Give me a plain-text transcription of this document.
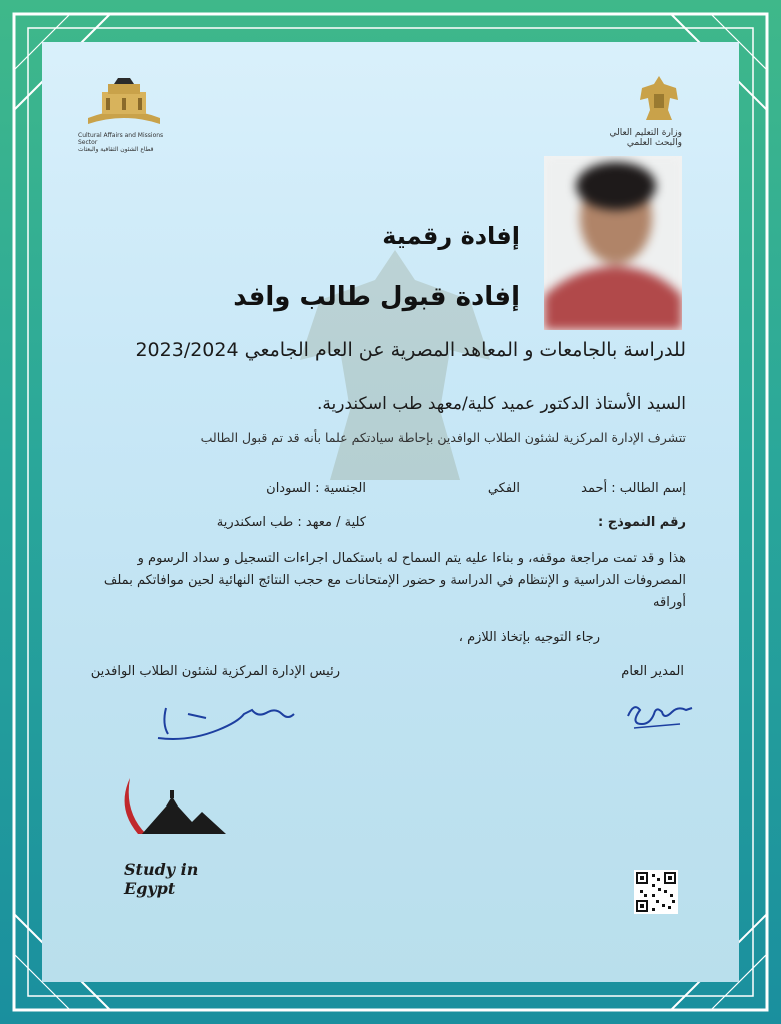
Cultural Affairs and Missions Sector
قطاع الشئون الثقافية والبعثات
وزارة التعليم العالي والبحث العلمي
إفادة رقمية
إفادة قبول طالب وافد
للدراسة بالجامعات و المعاهد المصرية عن العام الجامعي 2023/2024
السيد الأستاذ الدكتور عميد كلية/معهد طب اسكندرية.
تتشرف الإدارة المركزية لشئون الطلاب الوافدين بإحاطة سيادتكم علما بأنه قد تم قبول الطالب
إسم الطالب : أحمد
الفكي
الجنسية : السودان
رقم النموذج :
كلية / معهد : طب اسكندرية
هذا و قد تمت مراجعة موقفه، و بناءا عليه يتم السماح له باستكمال اجراءات التسجيل و سداد الرسوم و
المصروفات الدراسية و الإنتظام في الدراسة و حضور الإمتحانات مع حجب النتائج النهائية لحين موافاتكم بملف
أوراقه
رجاء التوجيه بإتخاذ اللازم ،
المدير العام
رئيس الإدارة المركزية لشئون الطلاب الوافدين
Study in Egypt
